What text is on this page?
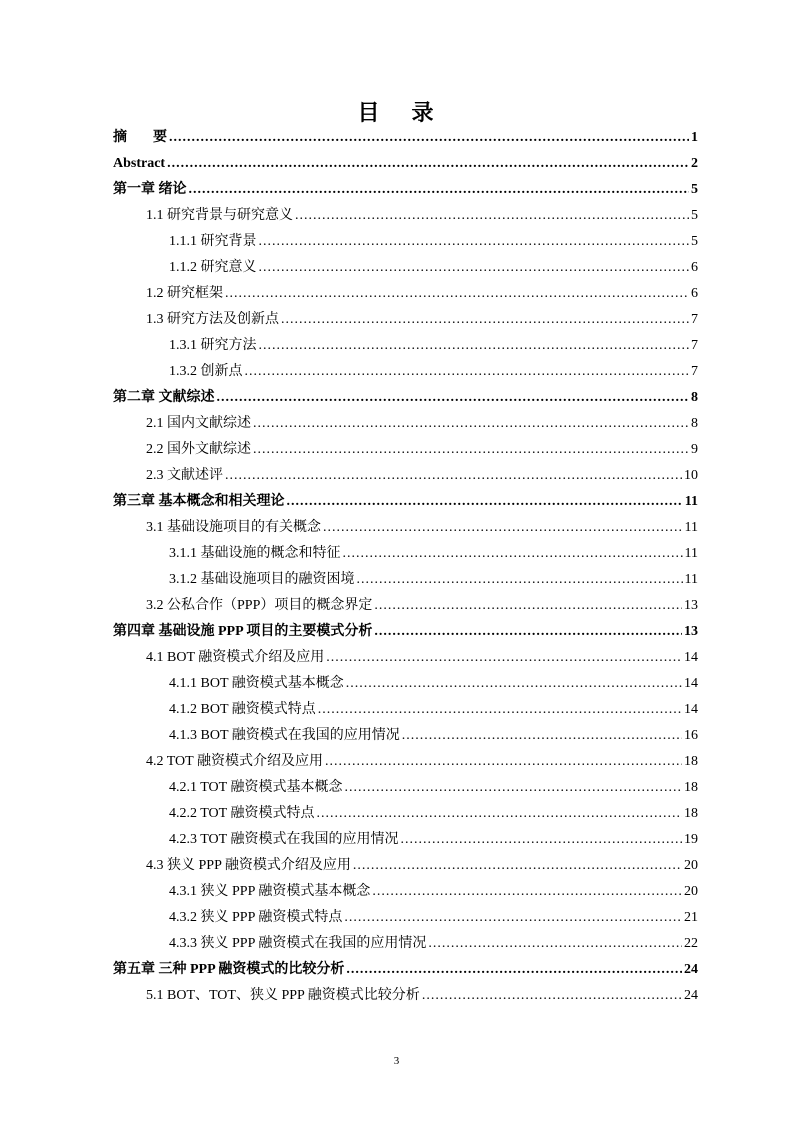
目 录
摘 要 .....	1
Abstract .....	2
第一章 绪论 .....	5
1.1 研究背景与研究意义 .....	5
1.1.1 研究背景 .....	5
1.1.2 研究意义 .....	6
1.2 研究框架 .....	6
1.3 研究方法及创新点 .....	7
1.3.1 研究方法 .....	7
1.3.2 创新点 .....	7
第二章 文献综述 .....	8
2.1 国内文献综述 .....	8
2.2 国外文献综述 .....	9
2.3 文献述评 .....	10
第三章 基本概念和相关理论 .....	11
3.1 基础设施项目的有关概念 .....	11
3.1.1 基础设施的概念和特征 .....	11
3.1.2 基础设施项目的融资困境 .....	11
3.2 公私合作（PPP）项目的概念界定 .....	13
第四章 基础设施 PPP 项目的主要模式分析 .....	13
4.1 BOT 融资模式介绍及应用 .....	14
4.1.1 BOT 融资模式基本概念 .....	14
4.1.2 BOT 融资模式特点 .....	14
4.1.3 BOT 融资模式在我国的应用情况 .....	16
4.2 TOT 融资模式介绍及应用 .....	18
4.2.1 TOT 融资模式基本概念 .....	18
4.2.2 TOT 融资模式特点 .....	18
4.2.3 TOT 融资模式在我国的应用情况 .....	19
4.3 狭义 PPP 融资模式介绍及应用 .....	20
4.3.1 狭义 PPP 融资模式基本概念 .....	20
4.3.2 狭义 PPP 融资模式特点 .....	21
4.3.3 狭义 PPP 融资模式在我国的应用情况 .....	22
第五章 三种 PPP 融资模式的比较分析 .....	24
5.1 BOT、TOT、狭义 PPP 融资模式比较分析 .....	24
3
